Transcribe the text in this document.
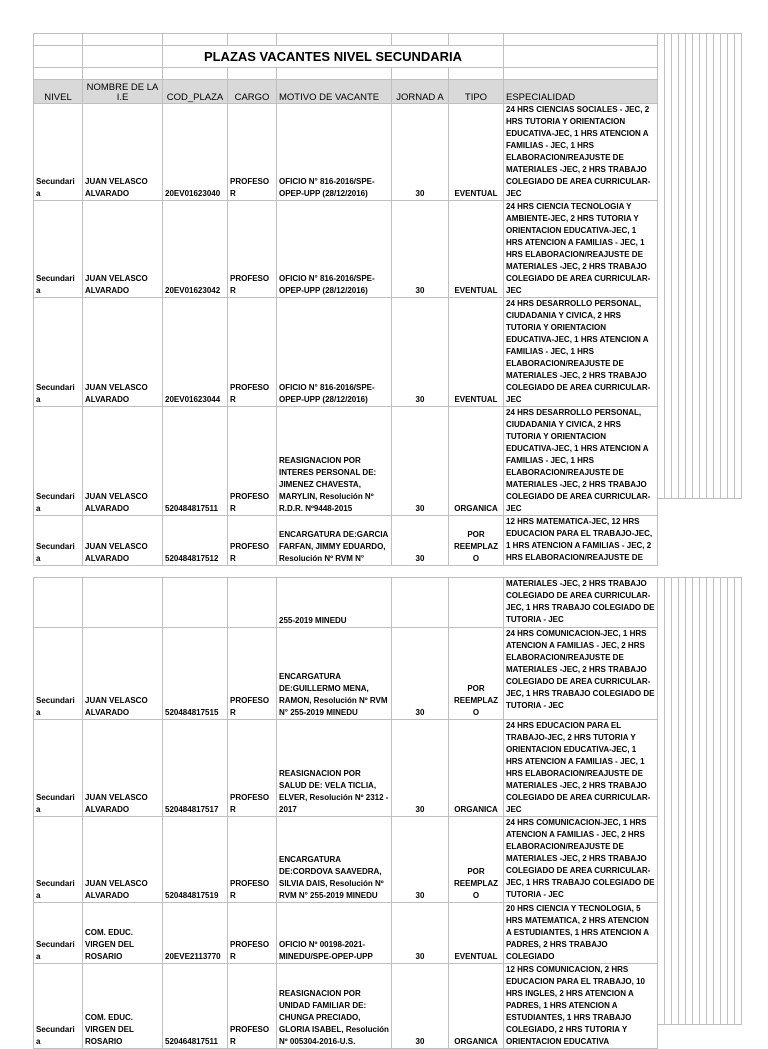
		PLAZAS VACANTES NIVEL SECUNDARIA					

NIVEL	NOMBRE DE LA I.E	COD_PLAZA	CARGO	MOTIVO DE VACANTE	JORNAD A	TIPO	ESPECIALIDAD
Secundari a	JUAN VELASCO ALVARADO	20EV01623040	PROFESOR	OFICIO N° 816-2016/SPE-OPEP-UPP (28/12/2016)	30	EVENTUAL	24 HRS CIENCIAS SOCIALES - JEC, 2 HRS TUTORIA Y ORIENTACION EDUCATIVA-JEC, 1 HRS ATENCION A FAMILIAS - JEC, 1 HRS ELABORACION/REAJUSTE DE MATERIALES -JEC, 2 HRS TRABAJO COLEGIADO DE AREA CURRICULAR-JEC
Secundari a	JUAN VELASCO ALVARADO	20EV01623042	PROFESOR	OFICIO N° 816-2016/SPE-OPEP-UPP (28/12/2016)	30	EVENTUAL	24 HRS CIENCIA TECNOLOGIA Y AMBIENTE-JEC, 2 HRS TUTORIA Y ORIENTACION EDUCATIVA-JEC, 1 HRS ATENCION A FAMILIAS - JEC, 1 HRS ELABORACION/REAJUSTE DE MATERIALES -JEC, 2 HRS TRABAJO COLEGIADO DE AREA CURRICULAR-JEC
Secundari a	JUAN VELASCO ALVARADO	20EV01623044	PROFESOR	OFICIO N° 816-2016/SPE-OPEP-UPP (28/12/2016)	30	EVENTUAL	24 HRS DESARROLLO PERSONAL, CIUDADANIA Y CIVICA, 2 HRS TUTORIA Y ORIENTACION EDUCATIVA-JEC, 1 HRS ATENCION A FAMILIAS - JEC, 1 HRS ELABORACION/REAJUSTE DE MATERIALES -JEC, 2 HRS TRABAJO COLEGIADO DE AREA CURRICULAR-JEC
Secundari a	JUAN VELASCO ALVARADO	520484817511	PROFESOR	REASIGNACION POR INTERES PERSONAL DE: JIMENEZ CHAVESTA, MARYLIN, Resolución Nº R.D.R. Nº9448-2015	30	ORGANICA	24 HRS DESARROLLO PERSONAL, CIUDADANIA Y CIVICA, 2 HRS TUTORIA Y ORIENTACION EDUCATIVA-JEC, 1 HRS ATENCION A FAMILIAS - JEC, 1 HRS ELABORACION/REAJUSTE DE MATERIALES -JEC, 2 HRS TRABAJO COLEGIADO DE AREA CURRICULAR-JEC
Secundari a	JUAN VELASCO ALVARADO	520484817512	PROFESOR	ENCARGATURA DE:GARCIA FARFAN, JIMMY EDUARDO, Resolución Nº RVM N°	30	POR REEMPLAZO	12 HRS MATEMATICA-JEC, 12 HRS EDUCACION PARA EL TRABAJO-JEC, 1 HRS ATENCION A FAMILIAS - JEC, 2 HRS ELABORACION/REAJUSTE DE

				255-2019 MINEDU			MATERIALES -JEC, 2 HRS TRABAJO COLEGIADO DE AREA CURRICULAR-JEC, 1 HRS TRABAJO COLEGIADO DE TUTORIA - JEC
Secundari a	JUAN VELASCO ALVARADO	520484817515	PROFESOR	ENCARGATURA DE:GUILLERMO MENA, RAMON, Resolución Nº RVM N° 255-2019 MINEDU	30	POR REEMPLAZO	24 HRS COMUNICACION-JEC, 1 HRS ATENCION A FAMILIAS - JEC, 2 HRS ELABORACION/REAJUSTE DE MATERIALES -JEC, 2 HRS TRABAJO COLEGIADO DE AREA CURRICULAR-JEC, 1 HRS TRABAJO COLEGIADO DE TUTORIA - JEC
Secundari a	JUAN VELASCO ALVARADO	520484817517	PROFESOR	REASIGNACION POR SALUD DE: VELA TICLIA, ELVER, Resolución Nº 2312 - 2017	30	ORGANICA	24 HRS EDUCACION PARA EL TRABAJO-JEC, 2 HRS TUTORIA Y ORIENTACION EDUCATIVA-JEC, 1 HRS ATENCION A FAMILIAS - JEC, 1 HRS ELABORACION/REAJUSTE DE MATERIALES -JEC, 2 HRS TRABAJO COLEGIADO DE AREA CURRICULAR-JEC
Secundari a	JUAN VELASCO ALVARADO	520484817519	PROFESOR	ENCARGATURA DE:CORDOVA SAAVEDRA, SILVIA DAIS, Resolución Nº RVM N° 255-2019 MINEDU	30	POR REEMPLAZO	24 HRS COMUNICACION-JEC, 1 HRS ATENCION A FAMILIAS - JEC, 2 HRS ELABORACION/REAJUSTE DE MATERIALES -JEC, 2 HRS TRABAJO COLEGIADO DE AREA CURRICULAR-JEC, 1 HRS TRABAJO COLEGIADO DE TUTORIA - JEC
Secundari a	COM. EDUC. VIRGEN DEL ROSARIO	20EVE2113770	PROFESOR	OFICIO Nº 00198-2021-MINEDU/SPE-OPEP-UPP	30	EVENTUAL	20 HRS CIENCIA Y TECNOLOGIA, 5 HRS MATEMATICA, 2 HRS ATENCION A ESTUDIANTES, 1 HRS ATENCION A PADRES, 2 HRS TRABAJO COLEGIADO
Secundari a	COM. EDUC. VIRGEN DEL ROSARIO	520464817511	PROFESOR	REASIGNACION POR UNIDAD FAMILIAR DE: CHUNGA PRECIADO, GLORIA ISABEL, Resolución Nº 005304-2016-U.S.	30	ORGANICA	12 HRS COMUNICACION, 2 HRS EDUCACION PARA EL TRABAJO, 10 HRS INGLES, 2 HRS ATENCION A PADRES, 1 HRS ATENCION A ESTUDIANTES, 1 HRS TRABAJO COLEGIADO, 2 HRS TUTORIA Y ORIENTACION EDUCATIVA
